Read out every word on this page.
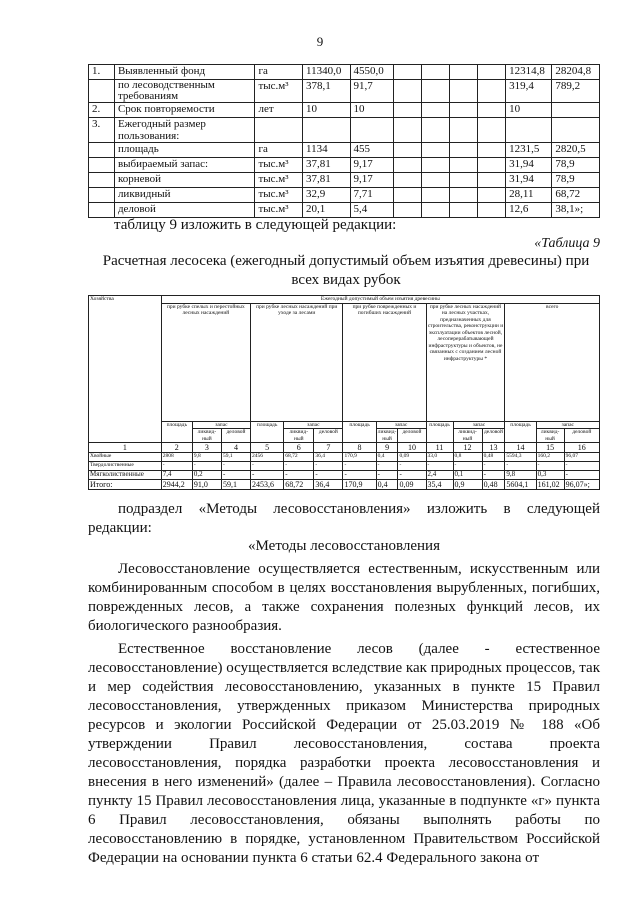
9
1.	Выявленный фонд	га	11340,0	4550,0					12314,8	28204,8
	по лесоводственным требованиям	тыс.м³	378,1	91,7					319,4	789,2
2.	Срок повторяемости	лет	10	10					10	
3.	Ежегодный размер пользования:									
	площадь	га	1134	455					1231,5	2820,5
	выбираемый запас:	тыс.м³	37,81	9,17					31,94	78,9
	корневой	тыс.м³	37,81	9,17					31,94	78,9
	ликвидный	тыс.м³	32,9	7,71					28,11	68,72
	деловой	тыс.м³	20,1	5,4					12,6	38,1»;
таблицу 9 изложить в следующей редакции:
«Таблица 9
Расчетная лесосека (ежегодный допустимый объем изъятия древесины) при всех видах рубок
Хозяйства	Ежегодный допустимый объем изъятия древесины														
	при рубке спелых и перестойных лесных насаждений			при рубке лесных насаждений при уходе за лесами			при рубке поврежденных и погибших насаждений			при рубке лесных насаждений на лесных участках, предназначенных для строительства, реконструкции и эксплуатации объектов лесной, лесоперерабатывающей инфраструктуры и объектов, не связанных с созданием лесной инфраструктуры *			всего		
	площадь	запас		площадь	запас		площадь	запас		площадь	запас		площадь	запас	
		ликвид-ный	деловой		ликвид-ный	деловой		ликвид-ный	деловой		ликвид-ный	деловой		ликвид-ный	деловой
1	2	3	4	5	6	7	8	9	10	11	12	13	14	15	16
Хвойные	2808	9,8	59,1	2456	68,72	36,4	170,9	0,4	0,09	33,0	0,8	0,48	5594,3	160,2	96,07
Твердолиственные	-	-	-	-	-	-	-	-	-	-	-	-	-	-	-
Мягколиственные	7,4	0,2	-	-	-	-	-	-	-	2,4	0,1	-	9,8	0,3	-
Итого:	2944,2	91,0	59,1	2453,6	68,72	36,4	170,9	0,4	0,09	35,4	0,9	0,48	5604,1	161,02	96,07»;

подраздел «Методы лесовосстановления» изложить в следующей редакции:

«Методы лесовосстановления

Лесовосстановление осуществляется естественным, искусственным или комбинированным способом в целях восстановления вырубленных, погибших, поврежденных лесов, а также сохранения полезных функций лесов, их биологического разнообразия.

Естественное восстановление лесов (далее - естественное лесовосстановление) осуществляется вследствие как природных процессов, так и мер содействия лесовосстановлению, указанных в пункте 15 Правил лесовосстановления, утвержденных приказом Министерства природных ресурсов и экологии Российской Федерации от 25.03.2019 № 188 «Об утверждении Правил лесовосстановления, состава проекта лесовосстановления, порядка разработки проекта лесовосстановления и внесения в него изменений» (далее – Правила лесовосстановления). Согласно пункту 15 Правил лесовосстановления лица, указанные в подпункте «г» пункта 6 Правил лесовосстановления, обязаны выполнять работы по лесовосстановлению в порядке, установленном Правительством Российской Федерации на основании пункта 6 статьи 62.4 Федерального закона от
